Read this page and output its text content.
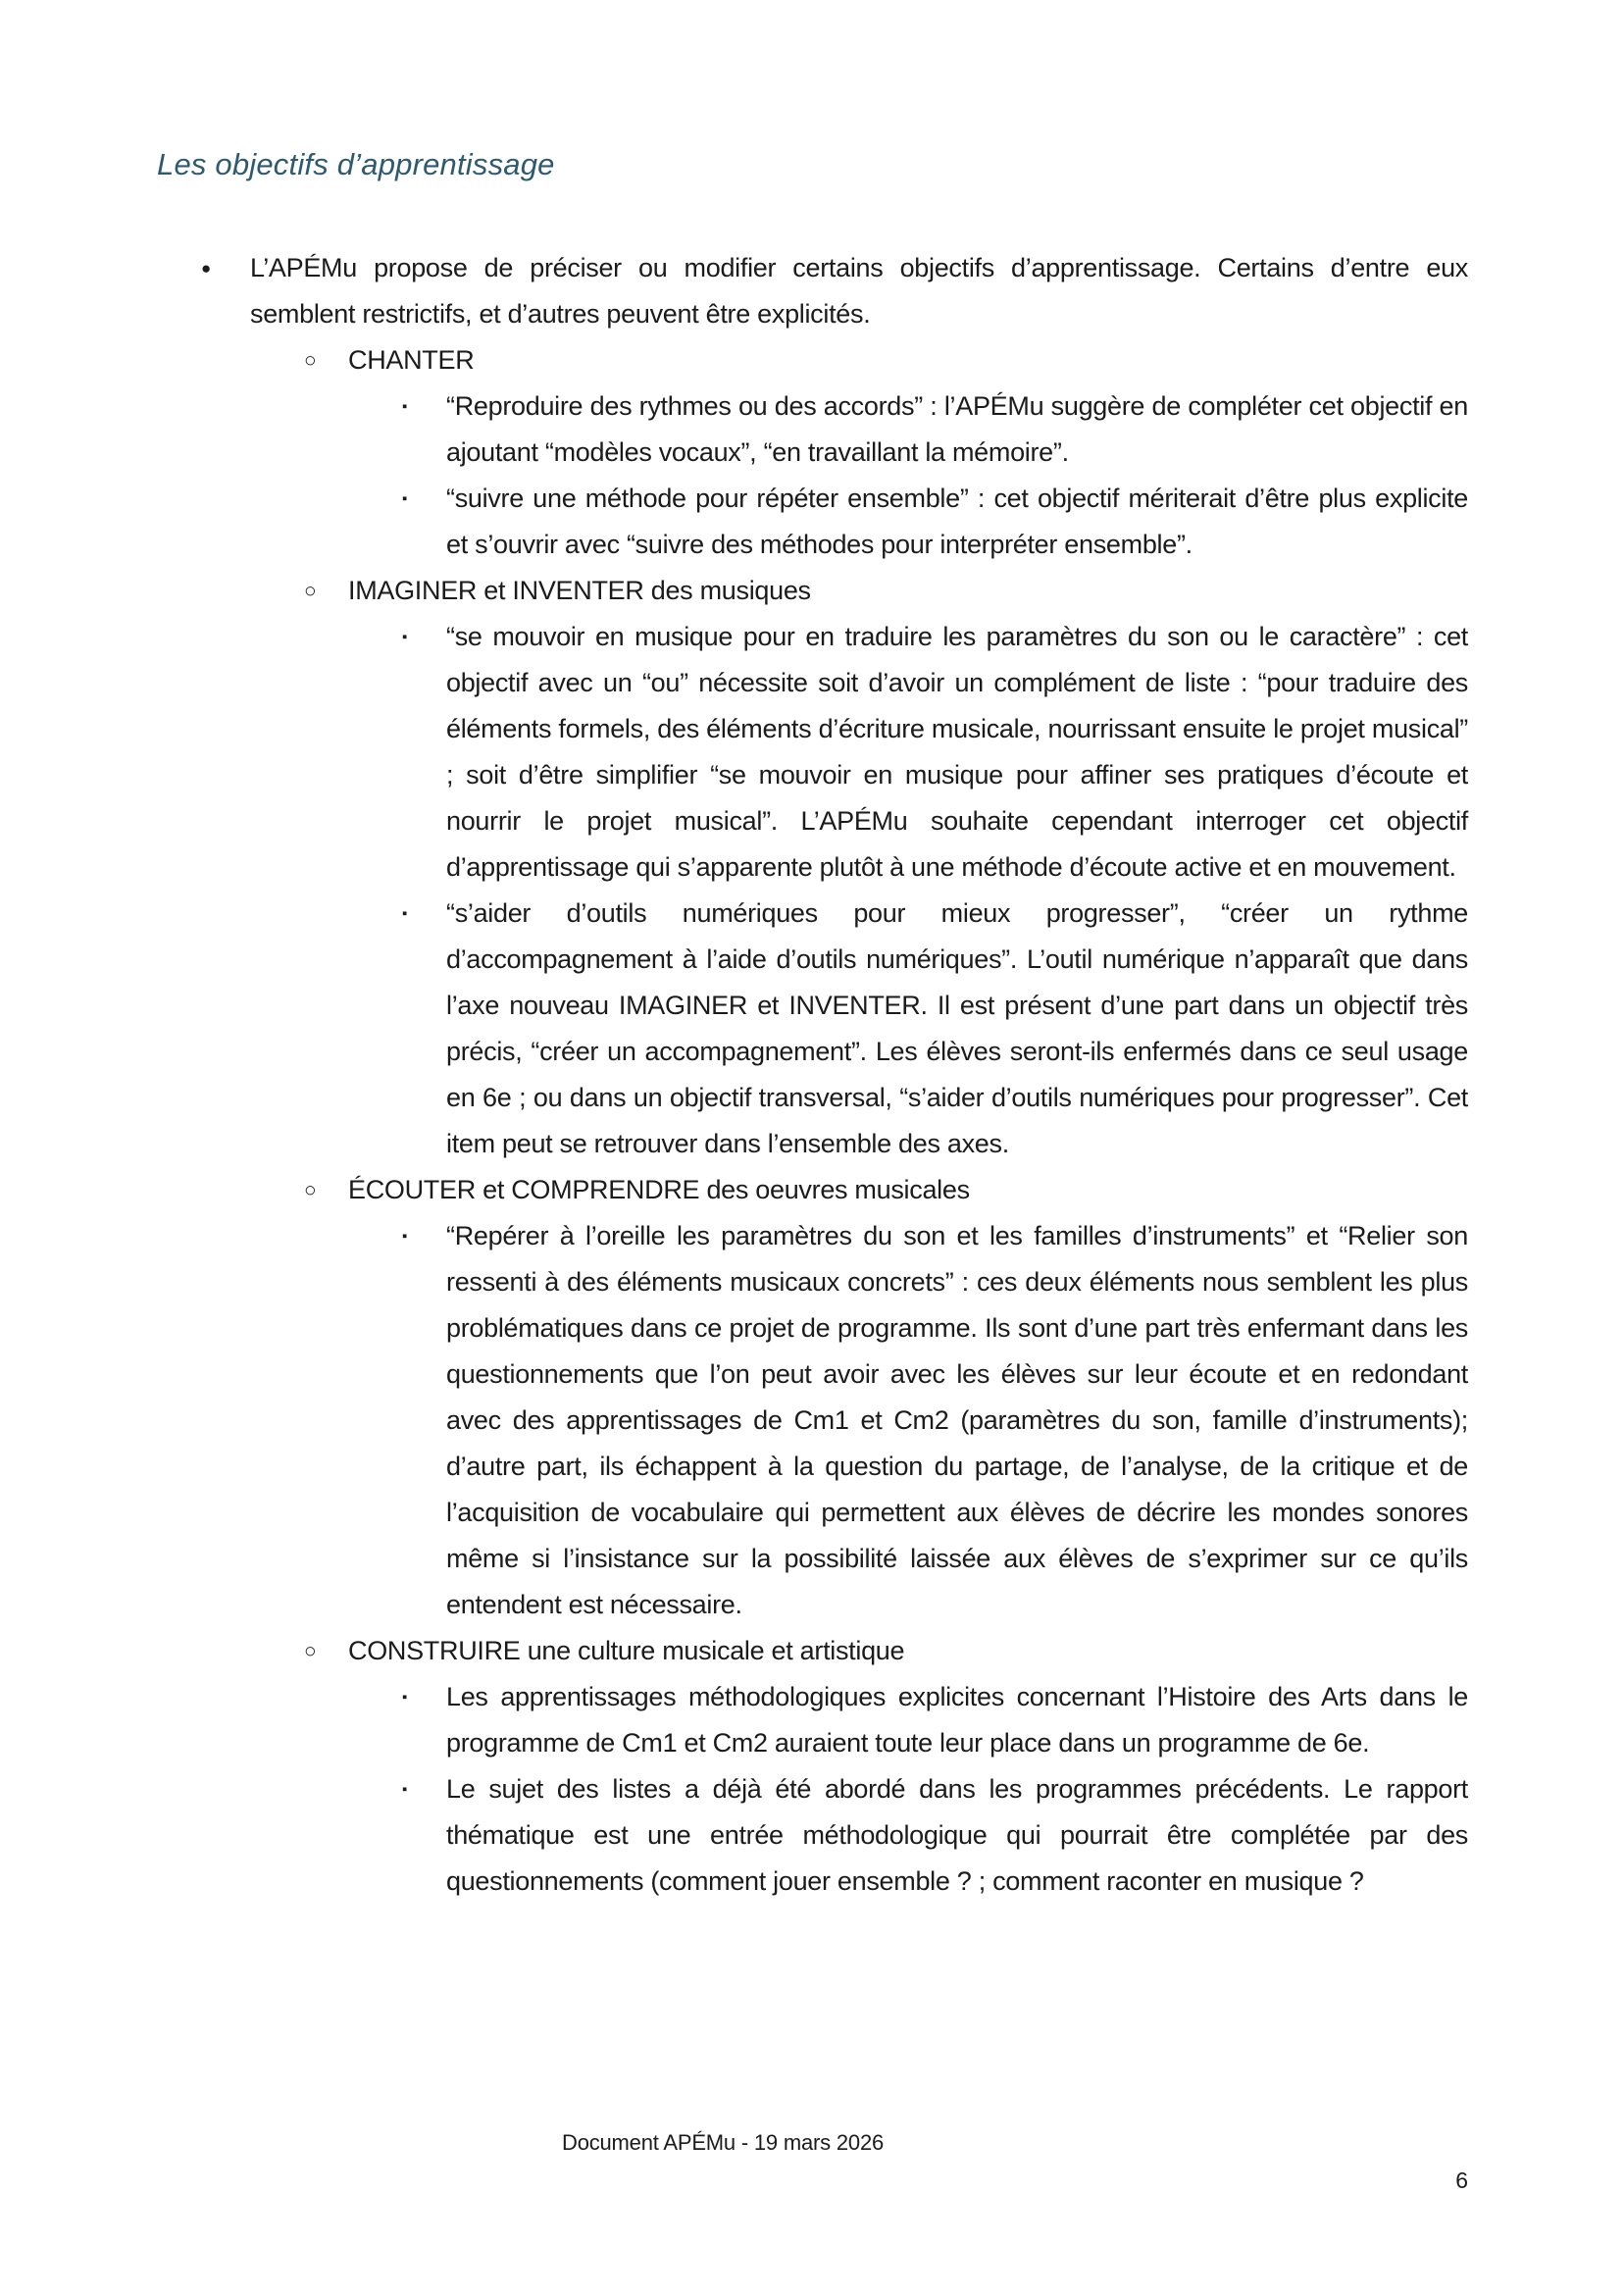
Les objectifs d’apprentissage
●	L’APÉMu propose de préciser ou modifier certains objectifs d’apprentissage. Certains d’entre eux semblent restrictifs, et d’autres peuvent être explicités.

○	CHANTER

▪	“Reproduire des rythmes ou des accords” : l’APÉMu suggère de compléter cet objectif en ajoutant “modèles vocaux”, “en travaillant la mémoire”.

▪	“suivre une méthode pour répéter ensemble” : cet objectif mériterait d’être plus explicite et s’ouvrir avec “suivre des méthodes pour interpréter ensemble”.

○	IMAGINER et INVENTER des musiques

▪	“se mouvoir en musique pour en traduire les paramètres du son ou le caractère” : cet objectif avec un “ou” nécessite soit d’avoir un complément de liste : “pour traduire des éléments formels, des éléments d’écriture musicale, nourrissant ensuite le projet musical” ; soit d’être simplifier “se mouvoir en musique pour affiner ses pratiques d’écoute et nourrir le projet musical”. L’APÉMu souhaite cependant interroger cet objectif d’apprentissage qui s’apparente plutôt à une méthode d’écoute active et en mouvement.

▪	“s’aider d’outils numériques pour mieux progresser”, “créer un rythme d’accompagnement à l’aide d’outils numériques”. L’outil numérique n’apparaît que dans l’axe nouveau IMAGINER et INVENTER. Il est présent d’une part dans un objectif très précis, “créer un accompagnement”. Les élèves seront-ils enfermés dans ce seul usage en 6e ; ou dans un objectif transversal, “s’aider d’outils numériques pour progresser”. Cet item peut se retrouver dans l’ensemble des axes.

○	ÉCOUTER et COMPRENDRE des oeuvres musicales

▪	“Repérer à l’oreille les paramètres du son et les familles d’instruments” et “Relier son ressenti à des éléments musicaux concrets” : ces deux éléments nous semblent les plus problématiques dans ce projet de programme. Ils sont d’une part très enfermant dans les questionnements que l’on peut avoir avec les élèves sur leur écoute et en redondant avec des apprentissages de Cm1 et Cm2 (paramètres du son, famille d’instruments); d’autre part, ils échappent à la question du partage, de l’analyse, de la critique et de l’acquisition de vocabulaire qui permettent aux élèves de décrire les mondes sonores même si l’insistance sur la possibilité laissée aux élèves de s’exprimer sur ce qu’ils entendent est nécessaire.

○	CONSTRUIRE une culture musicale et artistique

▪	Les apprentissages méthodologiques explicites concernant l’Histoire des Arts dans le programme de Cm1 et Cm2 auraient toute leur place dans un programme de 6e.

▪	Le sujet des listes a déjà été abordé dans les programmes précédents. Le rapport thématique est une entrée méthodologique qui pourrait être complétée par des questionnements (comment jouer ensemble ? ; comment raconter en musique ?

Document APÉMu - 19 mars 2026
6
